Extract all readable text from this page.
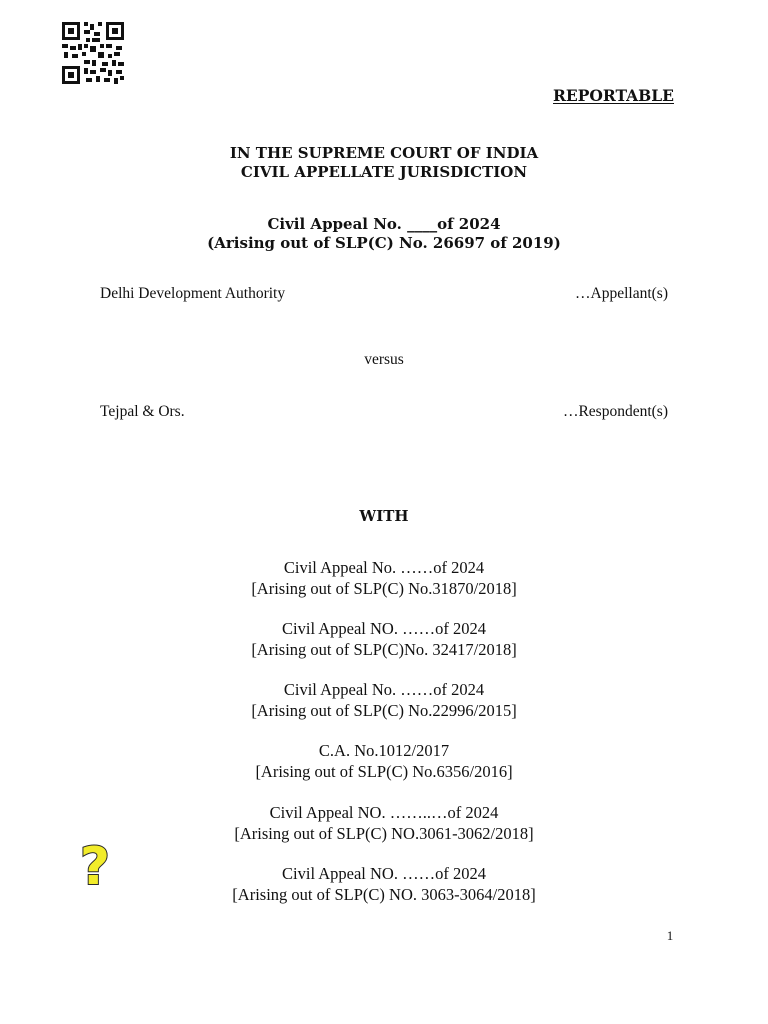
REPORTABLE
IN THE SUPREME COURT OF INDIA
CIVIL APPELLATE JURISDICTION
Civil Appeal No. ____of 2024
(Arising out of SLP(C) No. 26697 of 2019)
Delhi Development Authority	…Appellant(s)
versus
Tejpal & Ors.	…Respondent(s)
WITH
Civil Appeal No. ……of 2024
[Arising out of SLP(C) No.31870/2018]
Civil Appeal NO. ……of 2024
[Arising out of SLP(C)No. 32417/2018]
Civil Appeal No. ……of 2024
[Arising out of SLP(C) No.22996/2015]
C.A. No.1012/2017
[Arising out of SLP(C) No.6356/2016]
Civil Appeal NO. ……..…of 2024
[Arising out of SLP(C) NO.3061-3062/2018]
Civil Appeal NO. ……of 2024
[Arising out of SLP(C) NO. 3063-3064/2018]
?
1
